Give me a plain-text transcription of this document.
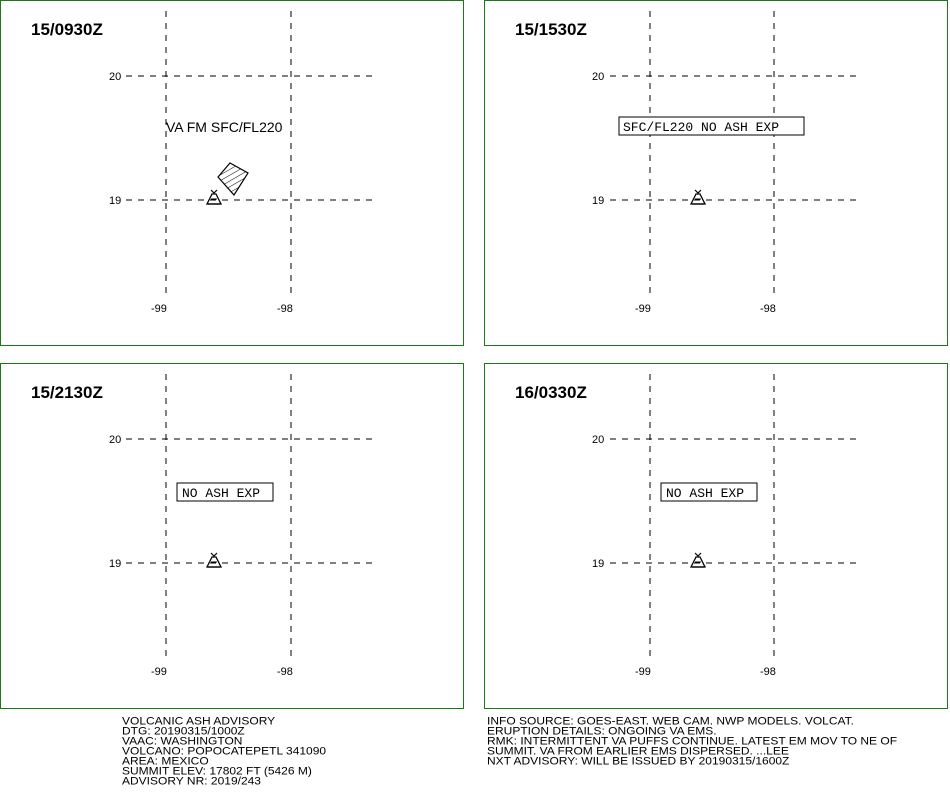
15/0930Z
20
19
-99	-98
VA FM SFC/FL220
15/1530Z
20
19
-99	-98
SFC/FL220 NO ASH EXP
15/2130Z
20
19
-99	-98
NO ASH EXP
16/0330Z
20
19
-99	-98
NO ASH EXP
VOLCANIC ASH ADVISORY
DTG: 20190315/1000Z
VAAC: WASHINGTON
VOLCANO: POPOCATEPETL 341090
AREA: MEXICO
SUMMIT ELEV: 17802 FT (5426 M)
ADVISORY NR: 2019/243
INFO SOURCE: GOES-EAST. WEB CAM. NWP MODELS. VOLCAT.
ERUPTION DETAILS: ONGOING VA EMS.
RMK: INTERMITTENT VA PUFFS CONTINUE. LATEST EM MOV TO NE OF
SUMMIT. VA FROM EARLIER EMS DISPERSED. ...LEE
NXT ADVISORY: WILL BE ISSUED BY 20190315/1600Z
